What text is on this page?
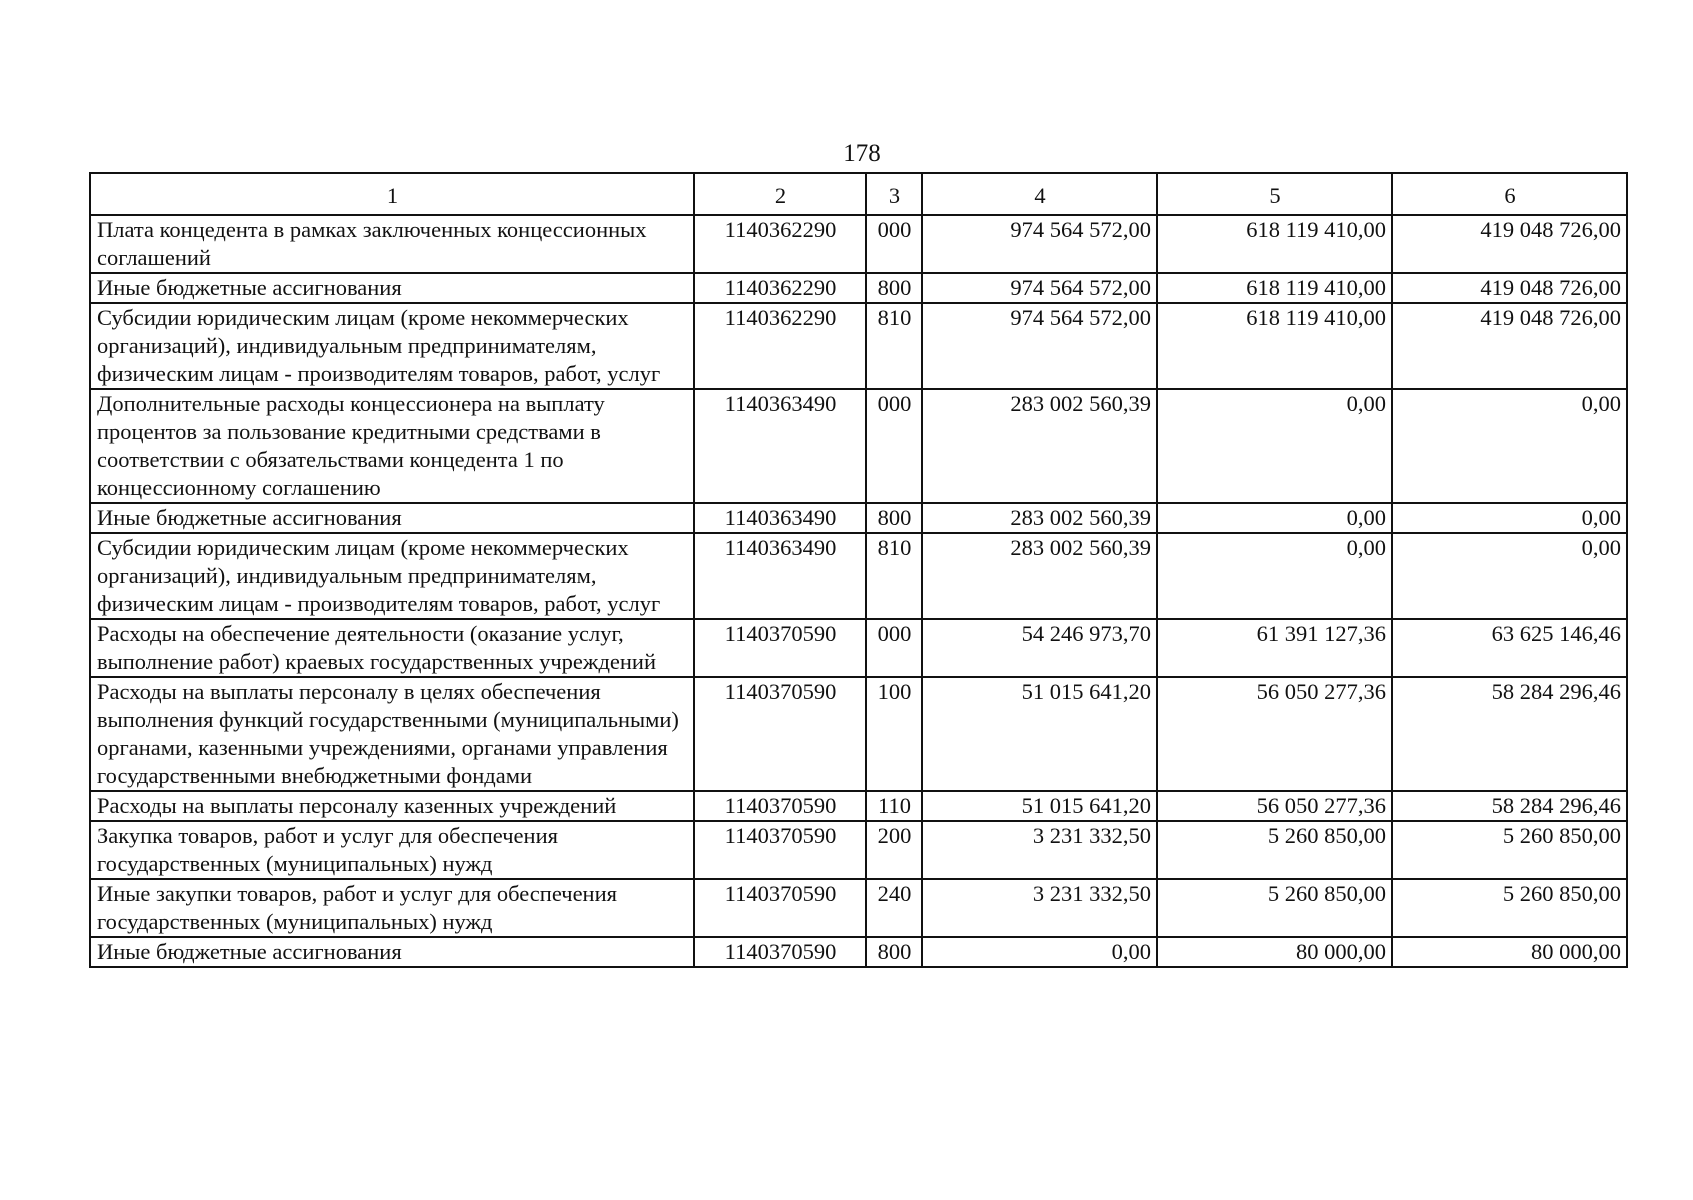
178
1	2	3	4	5	6
Плата концедента в рамках заключенных концессионных соглашений	1140362290	000	974 564 572,00	618 119 410,00	419 048 726,00
Иные бюджетные ассигнования	1140362290	800	974 564 572,00	618 119 410,00	419 048 726,00
Субсидии юридическим лицам (кроме некоммерческих организаций), индивидуальным предпринимателям, физическим лицам - производителям товаров, работ, услуг	1140362290	810	974 564 572,00	618 119 410,00	419 048 726,00
Дополнительные расходы концессионера на выплату процентов за пользование кредитными средствами в соответствии с обязательствами концедента 1 по концессионному соглашению	1140363490	000	283 002 560,39	0,00	0,00
Иные бюджетные ассигнования	1140363490	800	283 002 560,39	0,00	0,00
Субсидии юридическим лицам (кроме некоммерческих организаций), индивидуальным предпринимателям, физическим лицам - производителям товаров, работ, услуг	1140363490	810	283 002 560,39	0,00	0,00
Расходы на обеспечение деятельности (оказание услуг, выполнение работ) краевых государственных учреждений	1140370590	000	54 246 973,70	61 391 127,36	63 625 146,46
Расходы на выплаты персоналу в целях обеспечения выполнения функций государственными (муниципальными) органами, казенными учреждениями, органами управления государственными внебюджетными фондами	1140370590	100	51 015 641,20	56 050 277,36	58 284 296,46
Расходы на выплаты персоналу казенных учреждений	1140370590	110	51 015 641,20	56 050 277,36	58 284 296,46
Закупка товаров, работ и услуг для обеспечения государственных (муниципальных) нужд	1140370590	200	3 231 332,50	5 260 850,00	5 260 850,00
Иные закупки товаров, работ и услуг для обеспечения государственных (муниципальных) нужд	1140370590	240	3 231 332,50	5 260 850,00	5 260 850,00
Иные бюджетные ассигнования	1140370590	800	0,00	80 000,00	80 000,00
